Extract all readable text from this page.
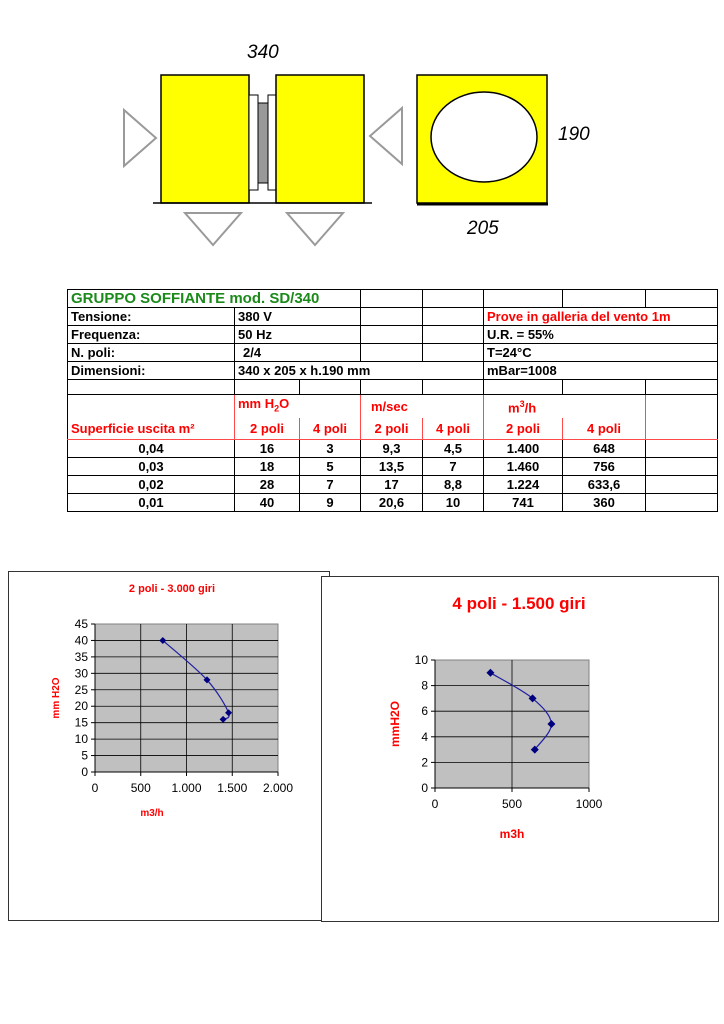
340
190
205
GRUPPO SOFFIANTE mod. SD/340							
Tensione:	380 V				Prove in galleria del vento 1m		
Frequenza:	50 Hz				U.R. = 55%		
N. poli:	2/4				T=24°C		
Dimensioni:	340 x 205 x h.190 mm				mBar=1008		

	mm $H_2O$		m/sec		$m^3/h$		
Superficie uscita m²	2 poli	4 poli	2 poli	4 poli	2 poli	4 poli	
0,04	16	3	9,3	4,5	1.400	648	
0,03	18	5	13,5	7	1.460	756	
0,02	28	7	17	8,8	1.224	633,6	
0,01	40	9	20,6	10	741	360	
0
5
10
15
20
25
30
35
40
45
0	500 1.000 1.500 2.000
2 poli - 3.000 giri
m3/h
mm H2O
0
2
4
6
8
10
0	500	1000
4 poli - 1.500 giri
m3h
mmH2O
